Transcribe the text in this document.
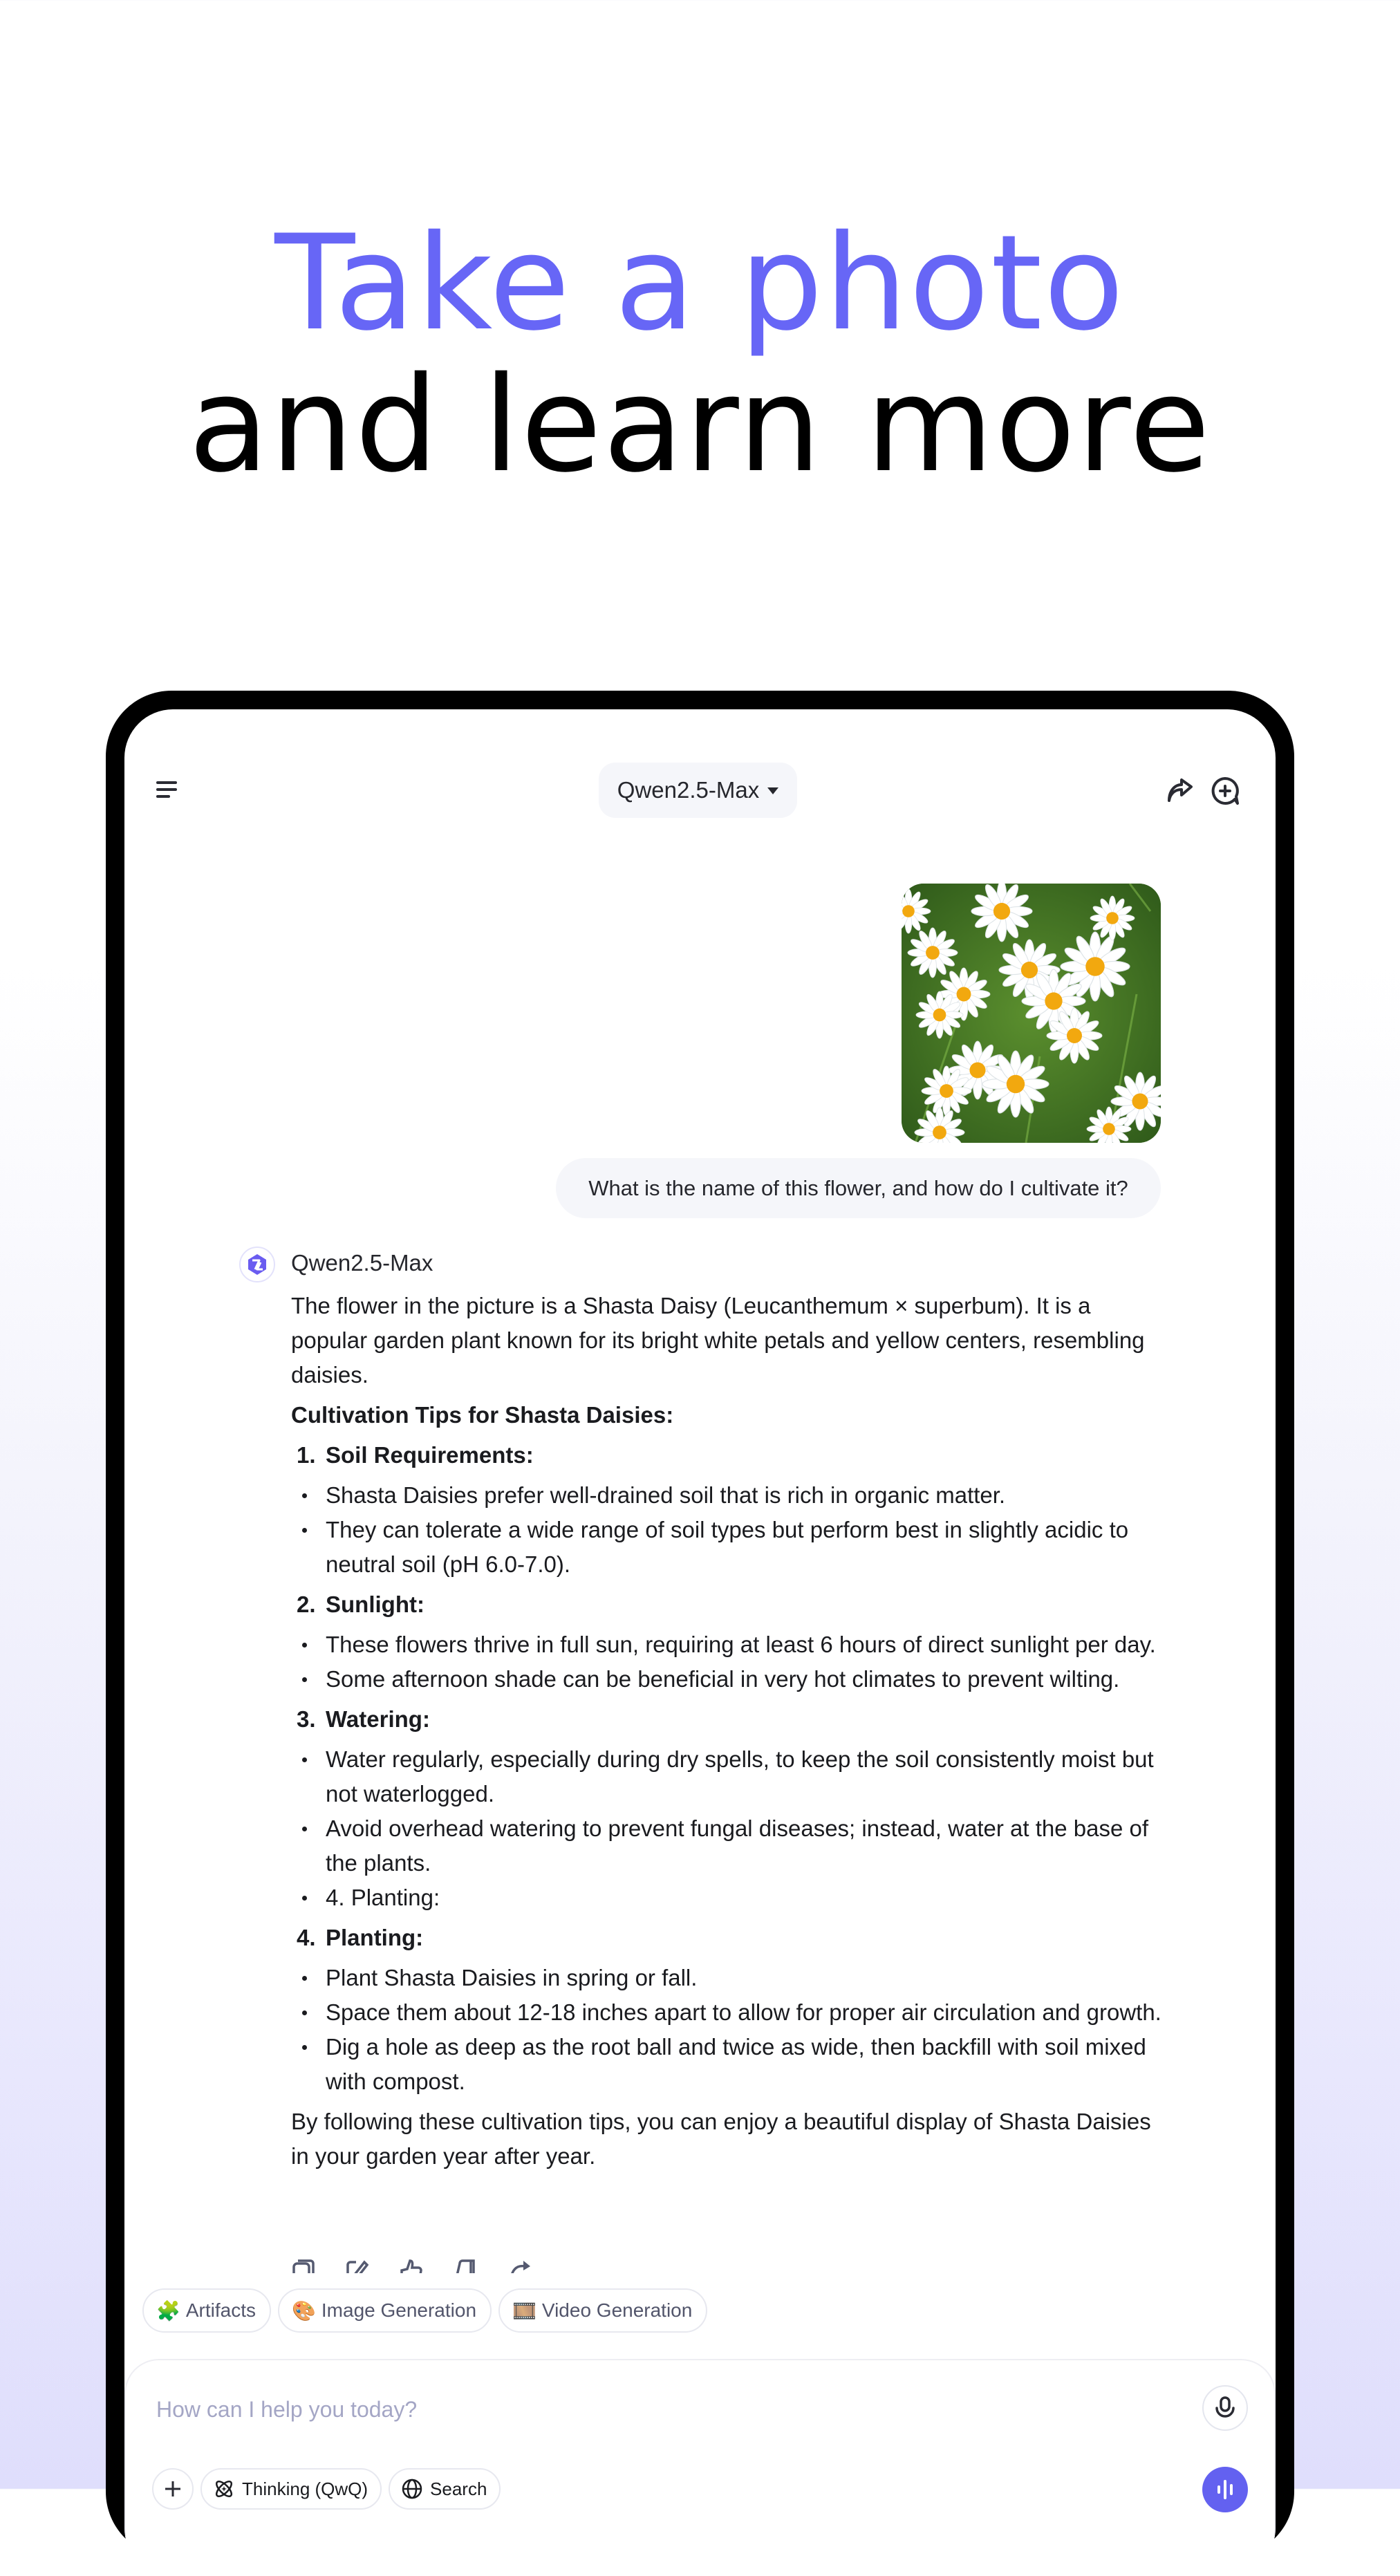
Take a photo
and learn more
Qwen2.5-Max
What is the name of this flower, and how do I cultivate it?
Qwen2.5-Max

The flower in the picture is a Shasta Daisy (Leucanthemum × superbum). It is a popular garden plant known for its bright white petals and yellow centers, resembling daisies.

Cultivation Tips for Shasta Daisies:
1. Soil Requirements:
Shasta Daisies prefer well-drained soil that is rich in organic matter.
They can tolerate a wide range of soil types but perform best in slightly acidic to neutral soil (pH 6.0-7.0).
2. Sunlight:
These flowers thrive in full sun, requiring at least 6 hours of direct sunlight per day.
Some afternoon shade can be beneficial in very hot climates to prevent wilting.
3. Watering:
Water regularly, especially during dry spells, to keep the soil consistently moist but not waterlogged.
Avoid overhead watering to prevent fungal diseases; instead, water at the base of the plants.
4. Planting:
4. Planting:
Plant Shasta Daisies in spring or fall.
Space them about 12-18 inches apart to allow for proper air circulation and growth.
Dig a hole as deep as the root ball and twice as wide, then backfill with soil mixed with compost.

By following these cultivation tips, you can enjoy a beautiful display of Shasta Daisies in your garden year after year.

🧩 Artifacts 🎨 Image Generation 🎞️ Video Generation
How can I help you today?
Thinking (QwQ)	Search
